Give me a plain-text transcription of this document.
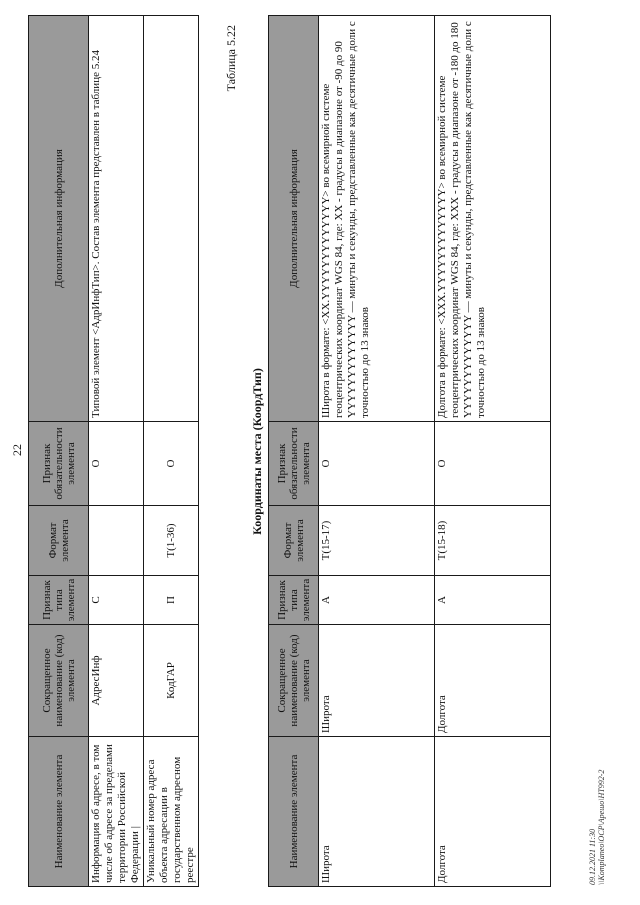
22
Наименование элемента	Сокращенное наименование (код) элемента	Признак типа элемента	Формат элемента	Признак обязательности элемента	Дополнительная информация
Информация об адресе, в том числе об адресе за пределами территории Российской Федерации |	АдресИнф	С		О	Типовой элемент <АдрИнфТип>. Состав элемента представлен в таблице 5.24
Уникальный номер адреса объекта адресации в государственном адресном реестре	КодГАР	П	T(1-36)	О	
Таблица 5.22
Координаты места (КоордТип)
Наименование элемента	Сокращенное наименование (код) элемента	Признак типа элемента	Формат элемента	Признак обязательности элемента	Дополнительная информация
Широта	Широта	А	T(15-17)	О	Широта в формате: <XX.YYYYYYYYYYYYY> во всемирной системе геоцентрических координат WGS 84, где: XX - градусы в диапазоне от -90 до 90 YYYYYYYYYYYYY — минуты и секунды, представленные как десятичные доли с точностью до 13 знаков
Долгота	Долгота	А	T(15-18)	О	Долгота в формате: <XXX.YYYYYYYYYYYYY> во всемирной системе геоцентрических координат WGS 84, где: XXX - градусы в диапазоне от -180 до 180 YYYYYYYYYYYYY — минуты и секунды, представленные как десятичные доли с точностью до 13 знаков
09.12.2021 11:30 \\Komplaneo\ОСР\Арешо\НТ992-2
